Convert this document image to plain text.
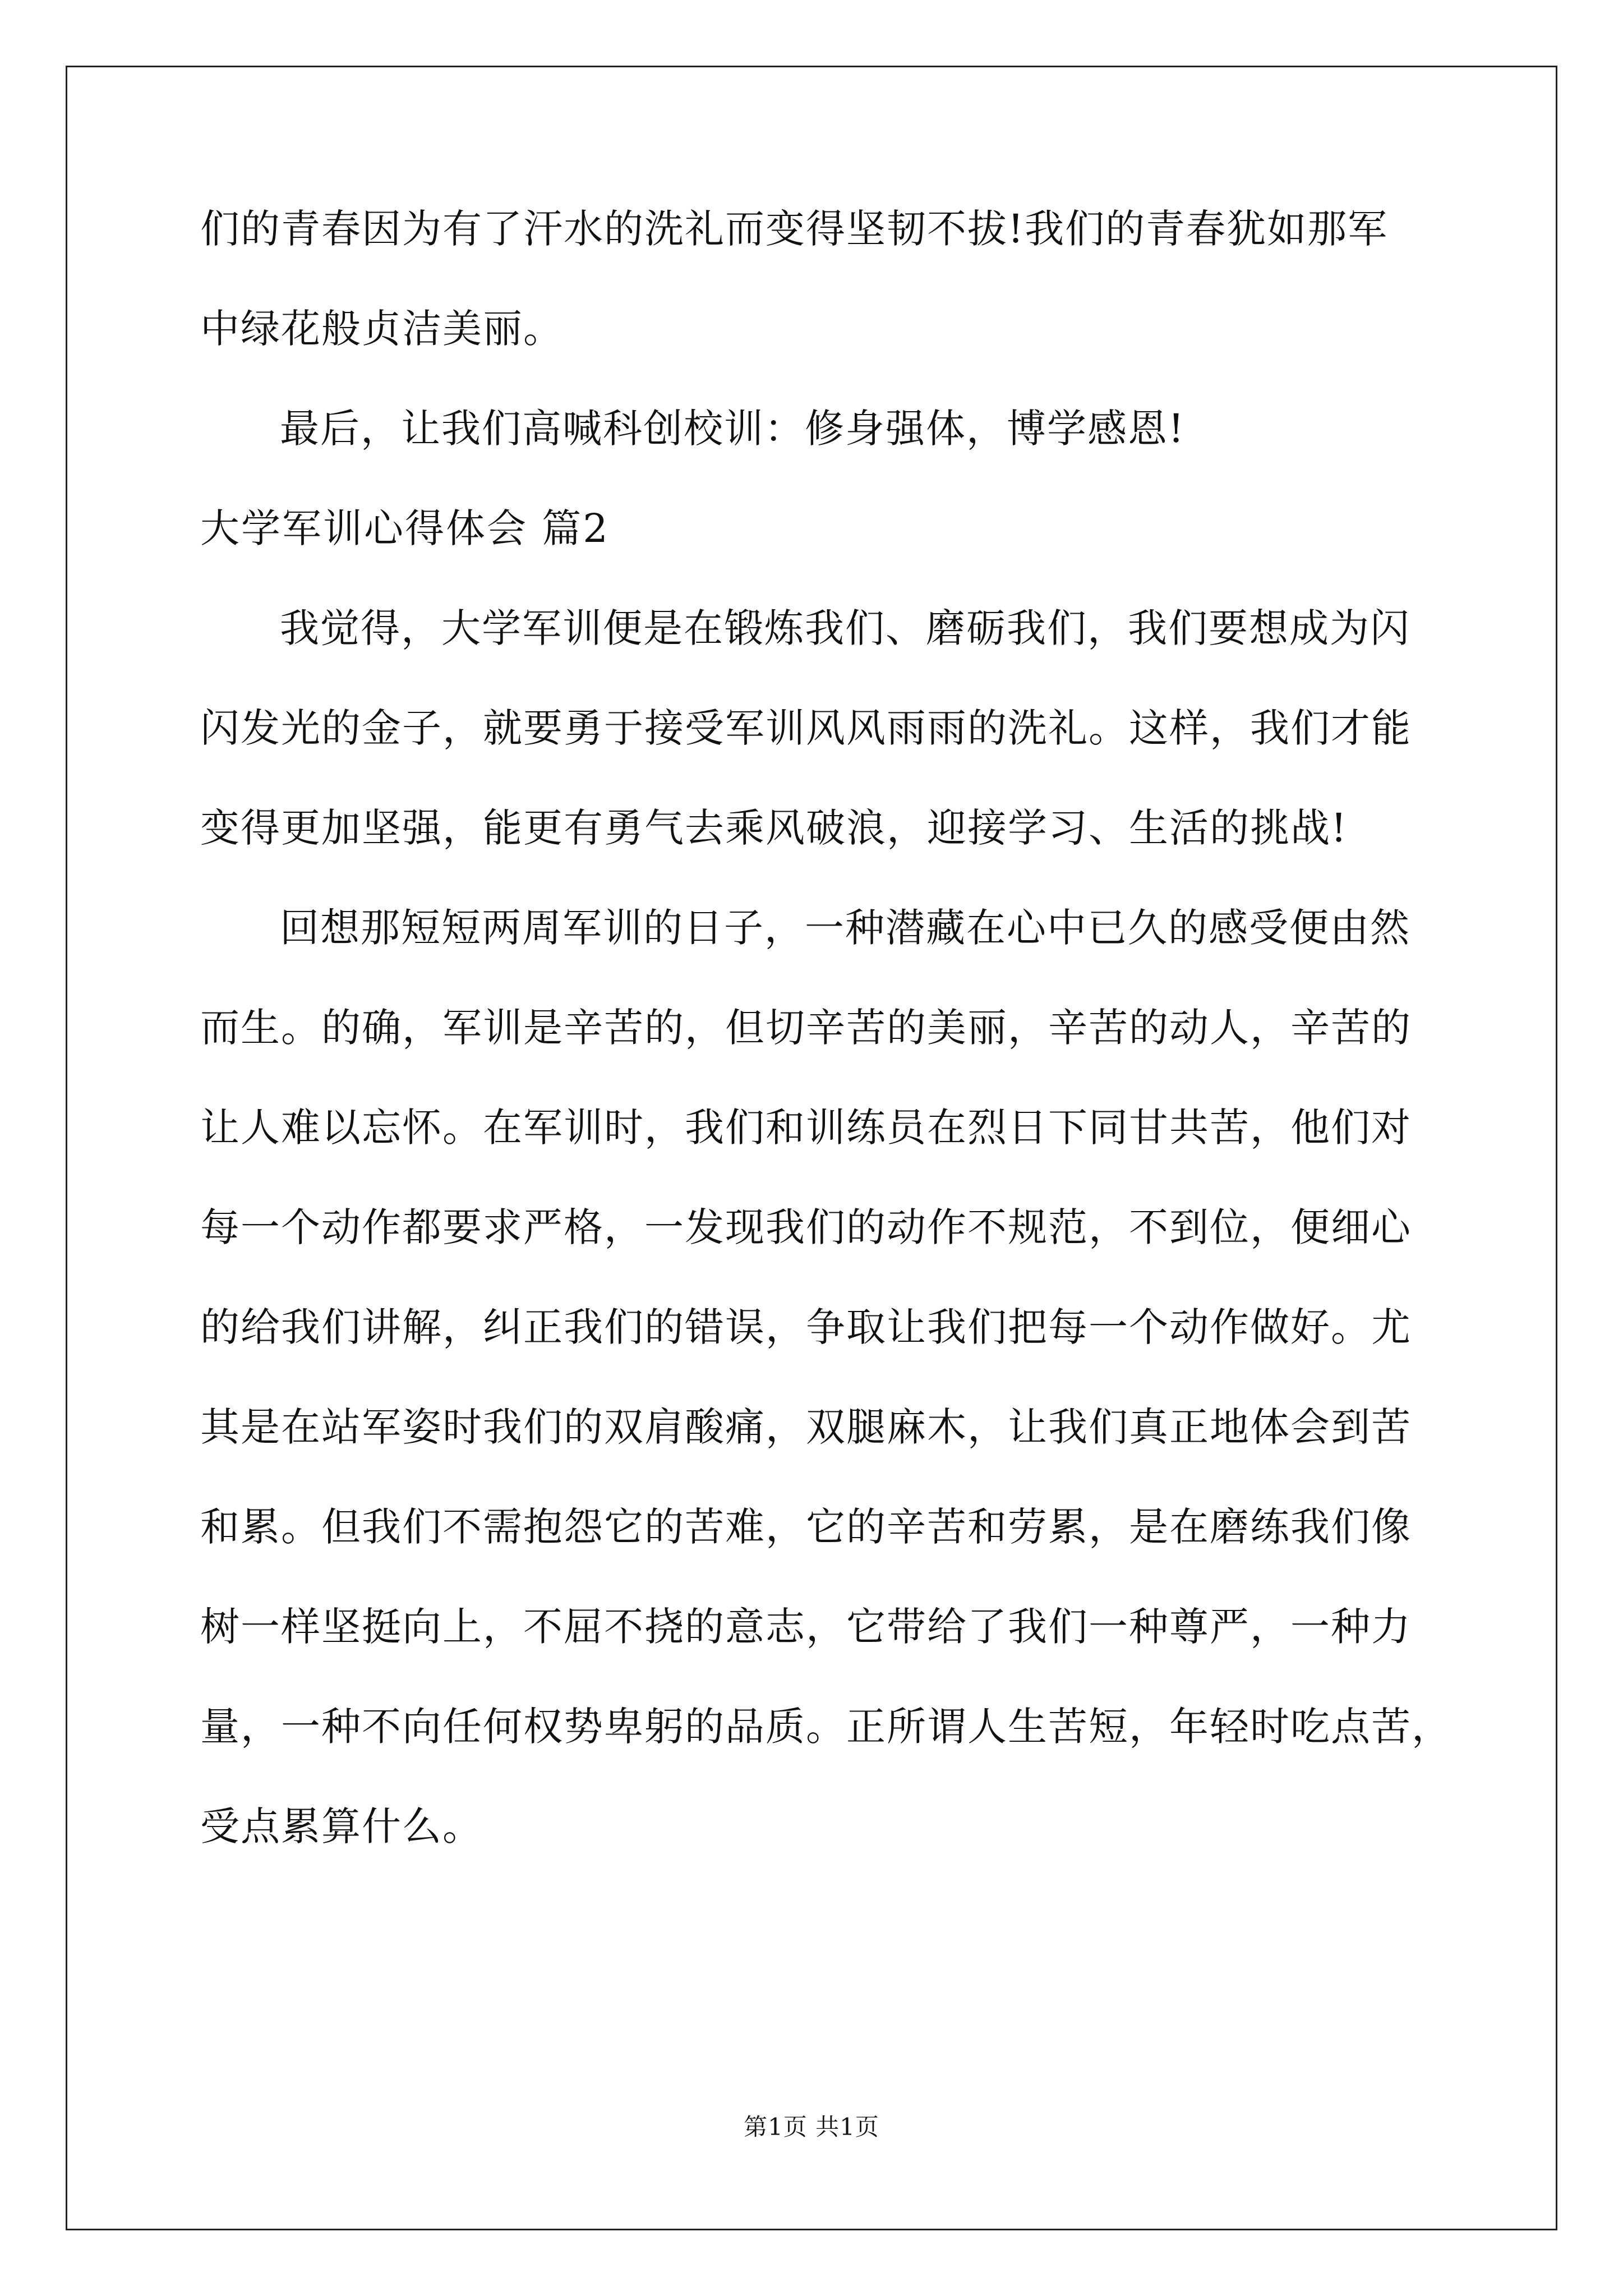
们的青春因为有了汗水的洗礼而变得坚韧不拔!我们的青春犹如那军
中绿花般贞洁美丽。
最后，让我们高喊科创校训：修身强体，博学感恩!
大学军训心得体会 篇2
我觉得，大学军训便是在锻炼我们、磨砺我们，我们要想成为闪
闪发光的金子，就要勇于接受军训风风雨雨的洗礼。这样，我们才能
变得更加坚强，能更有勇气去乘风破浪，迎接学习、生活的挑战!
回想那短短两周军训的日子，一种潜藏在心中已久的感受便由然
而生。的确，军训是辛苦的，但切辛苦的美丽，辛苦的动人，辛苦的
让人难以忘怀。在军训时，我们和训练员在烈日下同甘共苦，他们对
每一个动作都要求严格，一发现我们的动作不规范，不到位，便细心
的给我们讲解，纠正我们的错误，争取让我们把每一个动作做好。尤
其是在站军姿时我们的双肩酸痛，双腿麻木，让我们真正地体会到苦
和累。但我们不需抱怨它的苦难，它的辛苦和劳累，是在磨练我们像
树一样坚挺向上，不屈不挠的意志，它带给了我们一种尊严，一种力
量，一种不向任何权势卑躬的品质。正所谓人生苦短，年轻时吃点苦，
受点累算什么。
第1页 共1页
